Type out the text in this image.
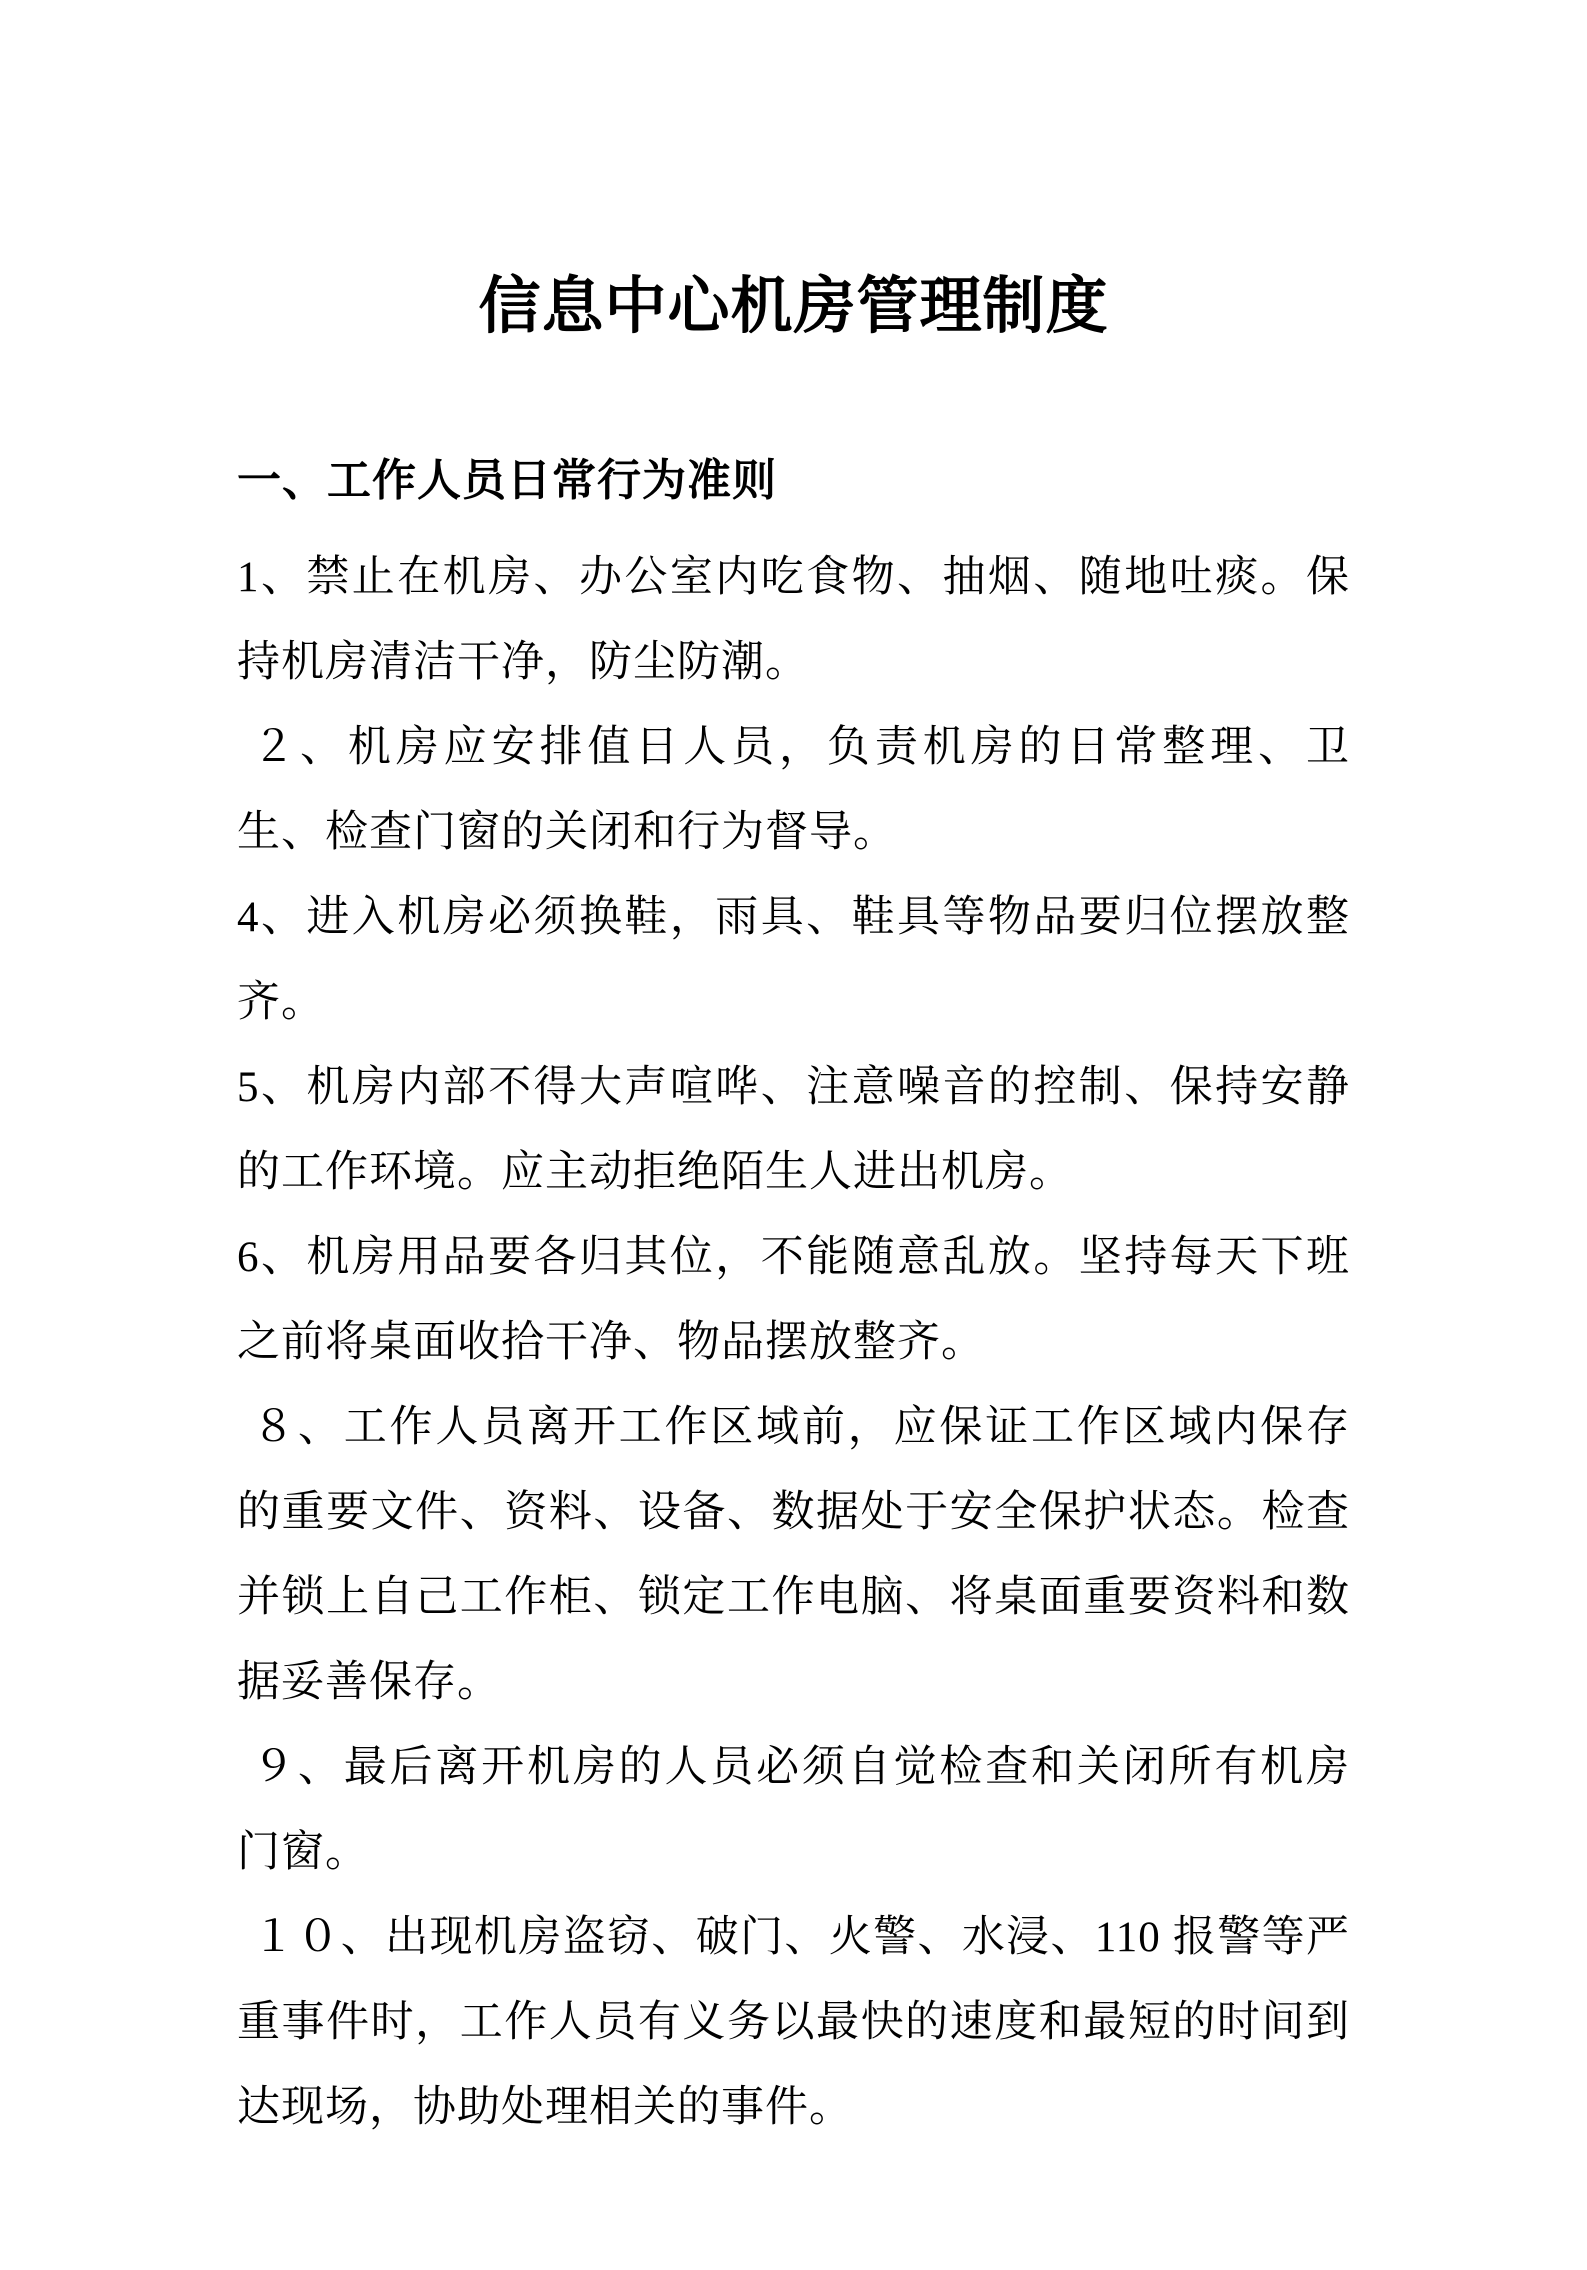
信息中心机房管理制度
一、工作人员日常行为准则

1、禁止在机房、办公室内吃食物、抽烟、随地吐痰。保持机房清洁干净，防尘防潮。

２、机房应安排值日人员，负责机房的日常整理、卫生、检查门窗的关闭和行为督导。

4、进入机房必须换鞋，雨具、鞋具等物品要归位摆放整齐。

5、机房内部不得大声喧哗、注意噪音的控制、保持安静的工作环境。应主动拒绝陌生人进出机房。

6、机房用品要各归其位，不能随意乱放。坚持每天下班之前将桌面收拾干净、物品摆放整齐。

８、工作人员离开工作区域前，应保证工作区域内保存的重要文件、资料、设备、数据处于安全保护状态。检查并锁上自己工作柜、锁定工作电脑、将桌面重要资料和数据妥善保存。

９、最后离开机房的人员必须自觉检查和关闭所有机房门窗。

１０、出现机房盗窃、破门、火警、水浸、110 报警等严重事件时，工作人员有义务以最快的速度和最短的时间到达现场，协助处理相关的事件。
